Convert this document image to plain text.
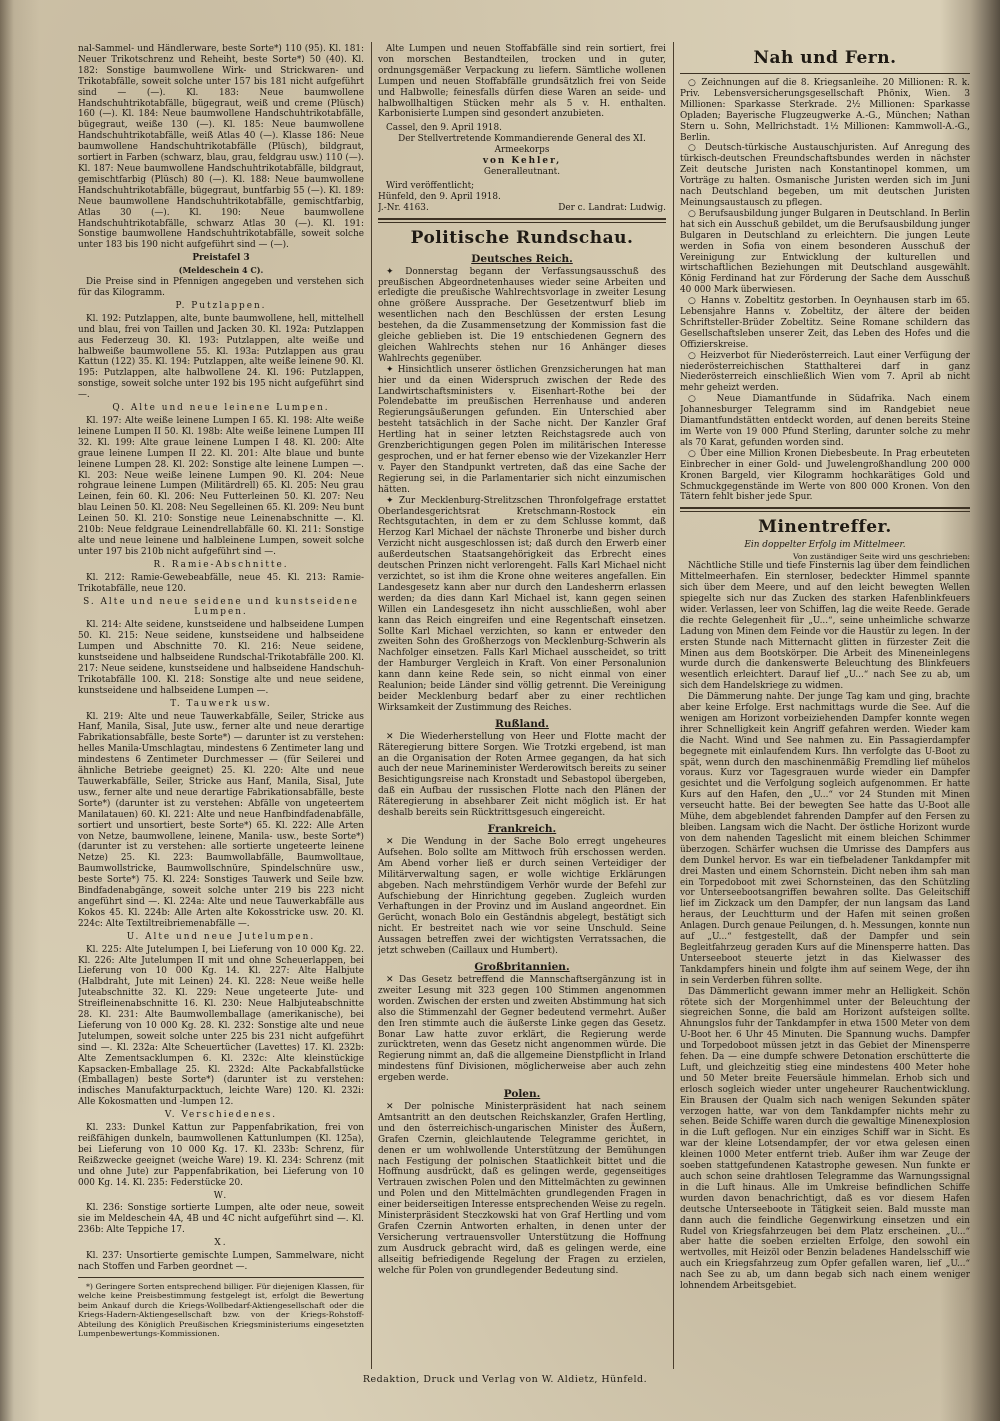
nal-Sammel- und Händlerware, beste Sorte*) 110 (95). Kl. 181: Neuer Trikotschrenz und Reheiht, beste Sorte*) 50 (40). Kl. 182: Sonstige baumwollene Wirk- und Strickwaren- und Trikotabfälle, soweit solche unter 157 bis 181 nicht aufgeführt sind — (—). Kl. 183: Neue baumwollene Handschuhtrikotabfälle, bügegraut, weiß und creme (Plüsch) 160 (—). Kl. 184: Neue baumwollene Handschuhtrikotabfälle, bügegraut, weiße 130 (—). Kl. 185: Neue baumwollene Handschuhtrikotabfälle, weiß Atlas 40 (—). Klasse 186: Neue baumwollene Handschuhtrikotabfälle (Plüsch), bildgraut, sortiert in Farben (schwarz, blau, grau, feldgrau usw.) 110 (—). Kl. 187: Neue baumwollene Handschuhtrikotabfälle, bildgraut, gemischtfarbig (Plüsch) 80 (—). Kl. 188: Neue baumwollene Handschuhtrikotabfälle, bügegraut, buntfarbig 55 (—). Kl. 189: Neue baumwollene Handschuhtrikotabfälle, gemischtfarbig, Atlas 30 (—). Kl. 190: Neue baumwollene Handschuhtrikotabfälle, schwarz Atlas 30 (—). Kl. 191: Sonstige baumwollene Handschuhtrikotabfälle, soweit solche unter 183 bis 190 nicht aufgeführt sind — (—).

Preistafel 3
(Meldeschein 4 C).

Die Preise sind in Pfennigen angegeben und verstehen sich für das Kilogramm.

P. Putzlappen.

Kl. 192: Putzlappen, alte, bunte baumwollene, hell, mittelhell und blau, frei von Taillen und Jacken 30. Kl. 192a: Putzlappen aus Federzeug 30. Kl. 193: Putzlappen, alte weiße und halbweiße baumwollene 55. Kl. 193a: Putzlappen aus grau Kattun (122) 35. Kl. 194: Putzlappen, alte weiße leinene 90. Kl. 195: Putzlappen, alte halbwollene 24. Kl. 196: Putzlappen, sonstige, soweit solche unter 192 bis 195 nicht aufgeführt sind —.

Q. Alte und neue leinene Lumpen.

Kl. 197: Alte weiße leinene Lumpen I 65. Kl. 198: Alte weiße leinene Lumpen II 50. Kl. 198b: Alte weiße leinene Lumpen III 32. Kl. 199: Alte graue leinene Lumpen I 48. Kl. 200: Alte graue leinene Lumpen II 22. Kl. 201: Alte blaue und bunte leinene Lumpen 28. Kl. 202: Sonstige alte leinene Lumpen —. Kl. 203: Neue weiße leinene Lumpen 90. Kl. 204: Neue rohgraue leinene Lumpen (Militärdrell) 65. Kl. 205: Neu grau Leinen, fein 60. Kl. 206: Neu Futterleinen 50. Kl. 207: Neu blau Leinen 50. Kl. 208: Neu Segelleinen 65. Kl. 209: Neu bunt Leinen 50. Kl. 210: Sonstige neue Leinenabschnitte —. Kl. 210b: Neue feldgraue Leinendrellabfälle 60. Kl. 211: Sonstige alte und neue leinene und halbleinene Lumpen, soweit solche unter 197 bis 210b nicht aufgeführt sind —.

R. Ramie-Abschnitte.

Kl. 212: Ramie-Gewebeabfälle, neue 45. Kl. 213: Ramie-Trikotabfälle, neue 120.

S. Alte und neue seidene und kunstseidene Lumpen.

Kl. 214: Alte seidene, kunstseidene und halbseidene Lumpen 50. Kl. 215: Neue seidene, kunstseidene und halbseidene Lumpen und Abschnitte 70. Kl. 216: Neue seidene, kunstseidene und halbseidene Rundschal-Trikotabfälle 200. Kl. 217: Neue seidene, kunstseidene und halbseidene Handschuh-Trikotabfälle 100. Kl. 218: Sonstige alte und neue seidene, kunstseidene und halbseidene Lumpen —.

T. Tauwerk usw.

Kl. 219: Alte und neue Tauwerkabfälle, Seiler, Stricke aus Hanf, Manila, Sisal, Jute usw., ferner alte und neue derartige Fabrikationsabfälle, beste Sorte*) — darunter ist zu verstehen: helles Manila-Umschlagtau, mindestens 6 Zentimeter lang und mindestens 6 Zentimeter Durchmesser — (für Seilerei und ähnliche Betriebe geeignet) 25. Kl. 220: Alte und neue Tauwerkabfälle, Seiler, Stricke aus Hanf, Manila, Sisal, Jute usw., ferner alte und neue derartige Fabrikationsabfälle, beste Sorte*) (darunter ist zu verstehen: Abfälle von ungeteertem Manilatauen) 60. Kl. 221: Alte und neue Hanfbindfadenabfälle, sortiert und unsortiert, beste Sorte*) 65. Kl. 222: Alle Arten von Netze, baumwollene, leinene, Manila- usw., beste Sorte*) (darunter ist zu verstehen: alle sortierte ungeteerte leinene Netze) 25. Kl. 223: Baumwollabfälle, Baumwolltaue, Baumwollstricke, Baumwollschnüre, Spindelschnüre usw., beste Sorte*) 75. Kl. 224: Sonstiges Tauwerk und Seile bzw. Bindfadenabgänge, soweit solche unter 219 bis 223 nicht angeführt sind —. Kl. 224a: Alte und neue Tauwerkabfälle aus Kokos 45. Kl. 224b: Alle Arten alte Kokosstricke usw. 20. Kl. 224c: Alte Textiltreibriemenabfälle —.

U. Alte und neue Jutelumpen.

Kl. 225: Alte Jutelumpen I, bei Lieferung von 10 000 Kg. 22. Kl. 226: Alte Jutelumpen II mit und ohne Scheuerlappen, bei Lieferung von 10 000 Kg. 14. Kl. 227: Alte Halbjute (Halbdraht, Jute mit Leinen) 24. Kl. 228: Neue weiße helle Juteabschnitte 32. Kl. 229: Neue ungeteerte Jute- und Streifleinenabschnitte 16. Kl. 230: Neue Halbjuteabschnitte 28. Kl. 231: Alte Baumwollemballage (amerikanische), bei Lieferung von 10 000 Kg. 28. Kl. 232: Sonstige alte und neue Jutelumpen, soweit solche unter 225 bis 231 nicht aufgeführt sind —. Kl. 232a: Alte Scheuertücher (Lavettes) 17. Kl. 232b: Alte Zementsacklumpen 6. Kl. 232c: Alte kleinstückige Kapsacken-Emballage 25. Kl. 232d: Alte Packabfallstücke (Emballagen) beste Sorte*) (darunter ist zu verstehen: indisches Manufakturpacktuch, leichte Ware) 120. Kl. 232i: Alle Kokosmatten und -lumpen 12.

V. Verschiedenes.

Kl. 233: Dunkel Kattun zur Pappenfabrikation, frei von reißfähigen dunkeln, baumwollenen Kattunlumpen (Kl. 125a), bei Lieferung von 10 000 Kg. 17. Kl. 233b: Schrenz, für Reißzwecke geeignet (weiche Ware) 19. Kl. 234: Schrenz (mit und ohne Jute) zur Pappenfabrikation, bei Lieferung von 10 000 Kg. 14. Kl. 235: Federstücke 20.

W.

Kl. 236: Sonstige sortierte Lumpen, alte oder neue, soweit sie im Meldeschein 4A, 4B und 4C nicht aufgeführt sind —. Kl. 236b: Alte Teppiche 17.

X.

Kl. 237: Unsortierte gemischte Lumpen, Sammelware, nicht nach Stoffen und Farben geordnet —.

*) Geringere Sorten entsprechend billiger. Für diejenigen Klassen, für welche keine Preisbestimmung festgelegt ist, erfolgt die Bewertung beim Ankauf durch die Kriegs-Wollbedarf-Aktiengesellschaft oder die Kriegs-Hadern-Aktiengesellschaft bzw. von der Kriegs-Rohstoff-Abteilung des Königlich Preußischen Kriegsministeriums eingesetzten Lumpenbewertungs-Kommissionen.

Alte Lumpen und neuen Stoffabfälle sind rein sortiert, frei von morschen Bestandteilen, trocken und in guter, ordnungsgemäßer Verpackung zu liefern. Sämtliche wollenen Lumpen und neuen Stoffabfälle grundsätzlich frei von Seide und Halbwolle; feinesfalls dürfen diese Waren an seide- und halbwollhaltigen Stücken mehr als 5 v. H. enthalten. Karbonisierte Lumpen sind gesondert anzubieten.

Cassel, den 9. April 1918.

Der Stellvertretende Kommandierende General des XI. Armeekorps
von Kehler,
Generalleutnant.

Wird veröffentlicht;

Hünfeld, den 9. April 1918.

J.-Nr. 4163.	Der c. Landrat: Ludwig.
Politische Rundschau.
Deutsches Reich.

✦ Donnerstag begann der Verfassungsausschuß des preußischen Abgeordnetenhauses wieder seine Arbeiten und erledigte die preußische Wahlrechtsvorlage in zweiter Lesung ohne größere Aussprache. Der Gesetzentwurf blieb im wesentlichen nach den Beschlüssen der ersten Lesung bestehen, da die Zusammensetzung der Kommission fast die gleiche geblieben ist. Die 19 entschiedenen Gegnern des gleichen Wahlrechts stehen nur 16 Anhänger dieses Wahlrechts gegenüber.

✦ Hinsichtlich unserer östlichen Grenzsicherungen hat man hier und da einen Widerspruch zwischen der Rede des Landwirtschaftsministers v. Eisenhart-Rothe bei der Polendebatte im preußischen Herrenhause und anderen Regierungsäußerungen gefunden. Ein Unterschied aber besteht tatsächlich in der Sache nicht. Der Kanzler Graf Hertling hat in seiner letzten Reichstagsrede auch von Grenzberichtigungen gegen Polen im militärischen Interesse gesprochen, und er hat ferner ebenso wie der Vizekanzler Herr v. Payer den Standpunkt vertreten, daß das eine Sache der Regierung sei, in die Parlamentarier sich nicht einzumischen hätten.

✦ Zur Mecklenburg-Strelitzschen Thronfolgefrage erstattet Oberlandesgerichtsrat Kretschmann-Rostock ein Rechtsgutachten, in dem er zu dem Schlusse kommt, daß Herzog Karl Michael der nächste Thronerbe und bisher durch Verzicht nicht ausgeschlossen ist; daß durch den Erwerb einer außerdeutschen Staatsangehörigkeit das Erbrecht eines deutschen Prinzen nicht verlorengeht. Falls Karl Michael nicht verzichtet, so ist ihm die Krone ohne weiteres angefallen. Ein Landesgesetz kann aber nur durch den Landesherrn erlassen werden; da dies dann Karl Michael ist, kann gegen seinen Willen ein Landesgesetz ihn nicht ausschließen, wohl aber kann das Reich eingreifen und eine Regentschaft einsetzen. Sollte Karl Michael verzichten, so kann er entweder den zweiten Sohn des Großherzogs von Mecklenburg-Schwerin als Nachfolger einsetzen. Falls Karl Michael ausscheidet, so tritt der Hamburger Vergleich in Kraft. Von einer Personalunion kann dann keine Rede sein, so nicht einmal von einer Realunion; beide Länder sind völlig getrennt. Die Vereinigung beider Mecklenburg bedarf aber zu einer rechtlichen Wirksamkeit der Zustimmung des Reiches.

Rußland.

✕ Die Wiederherstellung von Heer und Flotte macht der Räteregierung bittere Sorgen. Wie Trotzki ergebend, ist man an die Organisation der Roten Armee gegangen, da hat sich auch der neue Marineminister Werderowitsch bereits zu seiner Besichtigungsreise nach Kronstadt und Sebastopol übergeben, daß ein Aufbau der russischen Flotte nach den Plänen der Räteregierung in absehbarer Zeit nicht möglich ist. Er hat deshalb bereits sein Rücktrittsgesuch eingereicht.

Frankreich.

✕ Die Wendung in der Sache Bolo erregt ungeheures Aufsehen. Bolo sollte am Mittwoch früh erschossen werden. Am Abend vorher ließ er durch seinen Verteidiger der Militärverwaltung sagen, er wolle wichtige Erklärungen abgeben. Nach mehrstündigem Verhör wurde der Befehl zur Aufschiebung der Hinrichtung gegeben. Zugleich wurden Verhaftungen in der Provinz und im Ausland angeordnet. Ein Gerücht, wonach Bolo ein Geständnis abgelegt, bestätigt sich nicht. Er bestreitet nach wie vor seine Unschuld. Seine Aussagen betreffen zwei der wichtigsten Verratssachen, die jetzt schweben (Caillaux und Humbert).

Großbritannien.

✕ Das Gesetz betreffend die Mannschaftsergänzung ist in zweiter Lesung mit 323 gegen 100 Stimmen angenommen worden. Zwischen der ersten und zweiten Abstimmung hat sich also die Stimmenzahl der Gegner bedeutend vermehrt. Außer den Iren stimmte auch die äußerste Linke gegen das Gesetz. Bonar Law hatte zuvor erklärt, die Regierung werde zurücktreten, wenn das Gesetz nicht angenommen würde. Die Regierung nimmt an, daß die allgemeine Dienstpflicht in Irland mindestens fünf Divisionen, möglicherweise aber auch zehn ergeben werde.

Polen.

✕ Der polnische Ministerpräsident hat nach seinem Amtsantritt an den deutschen Reichskanzler, Grafen Hertling, und den österreichisch-ungarischen Minister des Äußern, Grafen Czernin, gleichlautende Telegramme gerichtet, in denen er um wohlwollende Unterstützung der Bemühungen nach Festigung der polnischen Staatlichkeit bittet und die Hoffnung ausdrückt, daß es gelingen werde, gegenseitiges Vertrauen zwischen Polen und den Mittelmächten zu gewinnen und Polen und den Mittelmächten grundlegenden Fragen in einer beiderseitigen Interesse entsprechenden Weise zu regeln. Ministerpräsident Steczkowski hat von Graf Hertling und vom Grafen Czernin Antworten erhalten, in denen unter der Versicherung vertrauensvoller Unterstützung die Hoffnung zum Ausdruck gebracht wird, daß es gelingen werde, eine allseitig befriedigende Regelung der Fragen zu erzielen, welche für Polen von grundlegender Bedeutung sind.

Nah und Fern.

○ Zeichnungen auf die 8. Kriegsanleihe. 20 Millionen: R. k. Priv. Lebensversicherungsgesellschaft Phönix, Wien. 3 Millionen: Sparkasse Sterkrade. 2½ Millionen: Sparkasse Opladen; Bayerische Flugzeugwerke A.-G., München; Nathan Stern u. Sohn, Mellrichstadt. 1½ Millionen: Kammwoll-A.-G., Berlin.

○ Deutsch-türkische Austauschjuristen. Auf Anregung des türkisch-deutschen Freundschaftsbundes werden in nächster Zeit deutsche Juristen nach Konstantinopel kommen, um Vorträge zu halten. Osmanische Juristen werden sich im Juni nach Deutschland begeben, um mit deutschen Juristen Meinungsaustausch zu pflegen.

○ Berufsausbildung junger Bulgaren in Deutschland. In Berlin hat sich ein Ausschuß gebildet, um die Berufsausbildung junger Bulgaren in Deutschland zu erleichtern. Die jungen Leute werden in Sofia von einem besonderen Ausschuß der Vereinigung zur Entwicklung der kulturellen und wirtschaftlichen Beziehungen mit Deutschland ausgewählt. König Ferdinand hat zur Förderung der Sache dem Ausschuß 40 000 Mark überwiesen.

○ Hanns v. Zobeltitz gestorben. In Oeynhausen starb im 65. Lebensjahre Hanns v. Zobeltitz, der ältere der beiden Schriftsteller-Brüder Zobeltitz. Seine Romane schildern das Gesellschaftsleben unserer Zeit, das Leben des Hofes und die Offizierskreise.

○ Heizverbot für Niederösterreich. Laut einer Verfügung der niederösterreichischen Statthalterei darf in ganz Niederösterreich einschließlich Wien vom 7. April ab nicht mehr geheizt werden.

○ Neue Diamantfunde in Südafrika. Nach einem Johannesburger Telegramm sind im Randgebiet neue Diamantfundstätten entdeckt worden, auf denen bereits Steine im Werte von 19 000 Pfund Sterling, darunter solche zu mehr als 70 Karat, gefunden worden sind.

○ Über eine Million Kronen Diebesbeute. In Prag erbeuteten Einbrecher in einer Gold- und Juwelengroßhandlung 200 000 Kronen Bargeld, vier Kilogramm hochkarätiges Gold und Schmuckgegenstände im Werte von 800 000 Kronen. Von den Tätern fehlt bisher jede Spur.

Minentreffer.

Ein doppelter Erfolg im Mittelmeer.

Von zuständiger Seite wird uns geschrieben:

Nächtliche Stille und tiefe Finsternis lag über dem feindlichen Mittelmeerhafen. Ein sternloser, bedeckter Himmel spannte sich über dem Meere, und auf den leicht bewegten Wellen spiegelte sich nur das Zucken des starken Hafenblinkfeuers wider. Verlassen, leer von Schiffen, lag die weite Reede. Gerade die rechte Gelegenheit für „U...“, seine unheimliche schwarze Ladung von Minen dem Feinde vor die Haustür zu legen. In der ersten Stunde nach Mitternacht glitten in fürzester Zeit die Minen aus dem Bootskörper. Die Arbeit des Mineneinlegens wurde durch die dankenswerte Beleuchtung des Blinkfeuers wesentlich erleichtert. Darauf lief „U...“ nach See zu ab, um sich dem Handelskriege zu widmen.

Die Dämmerung nahte. Der junge Tag kam und ging, brachte aber keine Erfolge. Erst nachmittags wurde die See. Auf die wenigen am Horizont vorbeiziehenden Dampfer konnte wegen ihrer Schnelligkeit kein Angriff gefahren werden. Wieder kam die Nacht. Wind und See nahmen zu. Ein Passagierdampfer begegnete mit einlaufendem Kurs. Ihn verfolgte das U-Boot zu spät, wenn durch den maschinenmäßig Fremdling lief mühelos voraus. Kurz vor Tagesgrauen wurde wieder ein Dampfer gesichtet und die Verfolgung sogleich aufgenommen. Er hatte Kurs auf den Hafen, den „U...“ vor 24 Stunden mit Minen verseucht hatte. Bei der bewegten See hatte das U-Boot alle Mühe, dem abgeblendet fahrenden Dampfer auf den Fersen zu bleiben. Langsam wich die Nacht. Der östliche Horizont wurde von dem nahenden Tageslicht mit einem bleichen Schimmer überzogen. Schärfer wuchsen die Umrisse des Dampfers aus dem Dunkel hervor. Es war ein tiefbeladener Tankdampfer mit drei Masten und einem Schornstein. Dicht neben ihm sah man ein Torpedoboot mit zwei Schornsteinen, das den Schützling vor Unterseebootsangriffen bewahren sollte. Das Geleitschiff lief im Zickzack um den Dampfer, der nun langsam das Land heraus, der Leuchtturm und der Hafen mit seinen großen Anlagen. Durch genaue Peilungen, d. h. Messungen, konnte nun auf „U...“ festgestellt, daß der Dampfer und sein Begleitfahrzeug geraden Kurs auf die Minensperre hatten. Das Unterseeboot steuerte jetzt in das Kielwasser des Tankdampfers hinein und folgte ihm auf seinem Wege, der ihn in sein Verderben führen sollte.

Das Dämmerlicht gewann immer mehr an Helligkeit. Schön rötete sich der Morgenhimmel unter der Beleuchtung der siegreichen Sonne, die bald am Horizont aufsteigen sollte. Ahnungslos fuhr der Tankdampfer in etwa 1500 Meter von dem U-Boot her. 6 Uhr 45 Minuten. Die Spannung wuchs. Dampfer und Torpedoboot müssen jetzt in das Gebiet der Minensperre fehen. Da — eine dumpfe schwere Detonation erschütterte die Luft, und gleichzeitig stieg eine mindestens 400 Meter hohe und 50 Meter breite Feuersäule himmelan. Erhob sich und erlosch sogleich wieder unter ungeheurer Rauchentwicklung. Ein Brausen der Qualm sich nach wenigen Sekunden später verzogen hatte, war von dem Tankdampfer nichts mehr zu sehen. Beide Schiffe waren durch die gewaltige Minenexplosion in die Luft geflogen. Nur ein einziges Schiff war in Sicht. Es war der kleine Lotsendampfer, der vor etwa gelesen einen kleinen 1000 Meter entfernt trieb. Außer ihm war Zeuge der soeben stattgefundenen Katastrophe gewesen. Nun funkte er auch schon seine drahtlosen Telegramme das Warnungssignal in die Luft hinaus. Alle im Umkreise befindlichen Schiffe wurden davon benachrichtigt, daß es vor diesem Hafen deutsche Unterseeboote in Tätigkeit seien. Bald musste man dann auch die feindliche Gegenwirkung einsetzen und ein Rudel von Kriegsfahrzeugen bei dem Platz erscheinen. „U...“ aber hatte die soeben erzielten Erfolge, den sowohl ein wertvolles, mit Heizöl oder Benzin beladenes Handelsschiff wie auch ein Kriegsfahrzeug zum Opfer gefallen waren, lief „U...“ nach See zu ab, um dann begab sich nach einem weniger lohnendem Arbeitsgebiet.

Redaktion, Druck und Verlag von W. Aldietz, Hünfeld.
